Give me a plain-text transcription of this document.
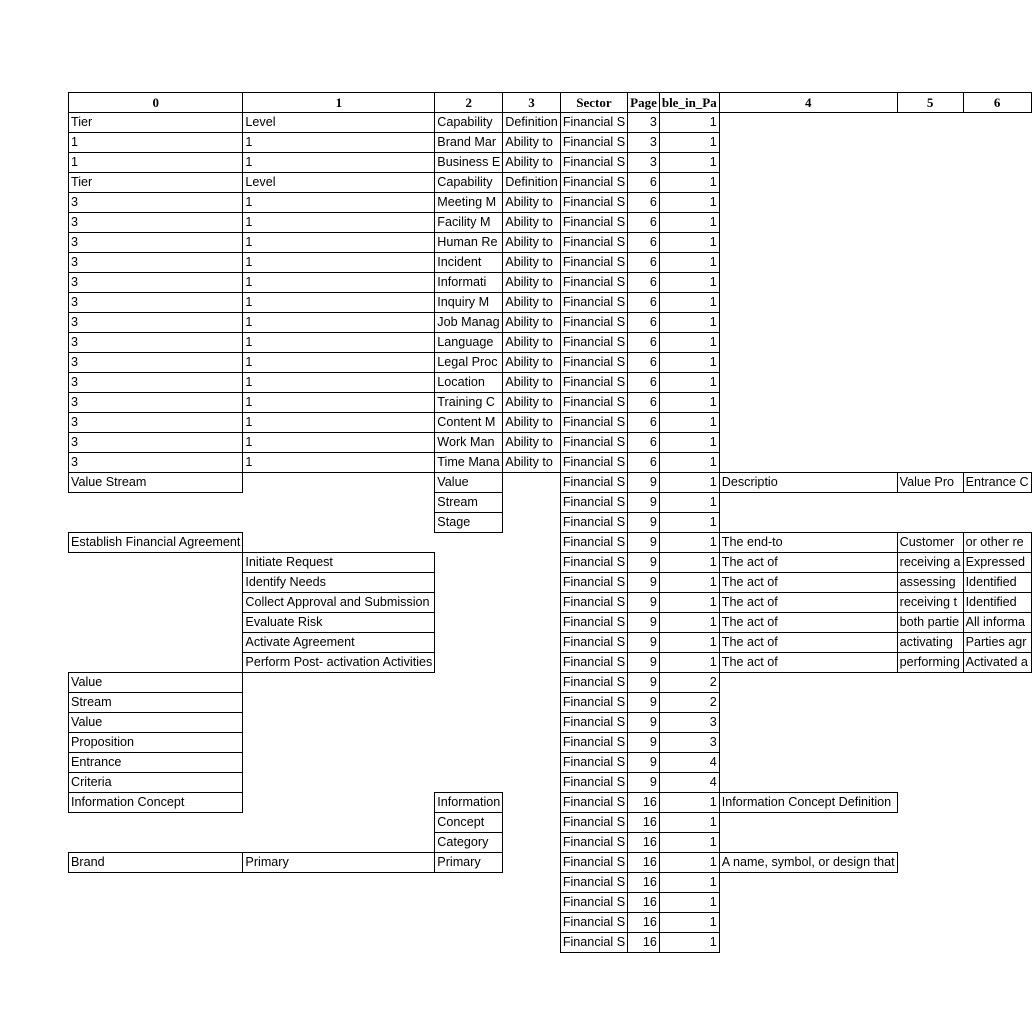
0	1	2	3	Sector	Page	ble_in_Pa	4	5	6
Tier	Level	Capability	Definition	Financial S	3	1			
1	1	Brand Mar	Ability to	Financial S	3	1			
1	1	Business E	Ability to	Financial S	3	1			
Tier	Level	Capability	Definition	Financial S	6	1			
3	1	Meeting M	Ability to	Financial S	6	1			
3	1	Facility M	Ability to	Financial S	6	1			
3	1	Human Re	Ability to	Financial S	6	1			
3	1	Incident	Ability to	Financial S	6	1			
3	1	Informati	Ability to	Financial S	6	1			
3	1	Inquiry M	Ability to	Financial S	6	1			
3	1	Job Manag	Ability to	Financial S	6	1			
3	1	Language	Ability to	Financial S	6	1			
3	1	Legal Proc	Ability to	Financial S	6	1			
3	1	Location	Ability to	Financial S	6	1			
3	1	Training C	Ability to	Financial S	6	1			
3	1	Content M	Ability to	Financial S	6	1			
3	1	Work Man	Ability to	Financial S	6	1			
3	1	Time Mana	Ability to	Financial S	6	1			
Value Stream		Value		Financial S	9	1	Descriptio	Value Pro	Entrance C
		Stream		Financial S	9	1			
		Stage		Financial S	9	1			
Establish Financial Agreement				Financial S	9	1	The end-to	Customer	or other re
	Initiate Request			Financial S	9	1	The act of	receiving a	Expressed
	Identify Needs			Financial S	9	1	The act of	assessing	Identified
	Collect Approval and Submission			Financial S	9	1	The act of	receiving t	Identified
	Evaluate Risk			Financial S	9	1	The act of	both partie	All informa
	Activate Agreement			Financial S	9	1	The act of	activating	Parties agr
	Perform Post- activation Activities			Financial S	9	1	The act of	performing	Activated a
Value				Financial S	9	2			
Stream				Financial S	9	2			
Value				Financial S	9	3			
Proposition				Financial S	9	3			
Entrance				Financial S	9	4			
Criteria				Financial S	9	4			
Information Concept		Information		Financial S	16	1	Information Concept Definition		
		Concept		Financial S	16	1			
		Category		Financial S	16	1			
Brand	Primary	Primary		Financial S	16	1	A name, symbol, or design that		
				Financial S	16	1			
				Financial S	16	1			
				Financial S	16	1			
				Financial S	16	1			
